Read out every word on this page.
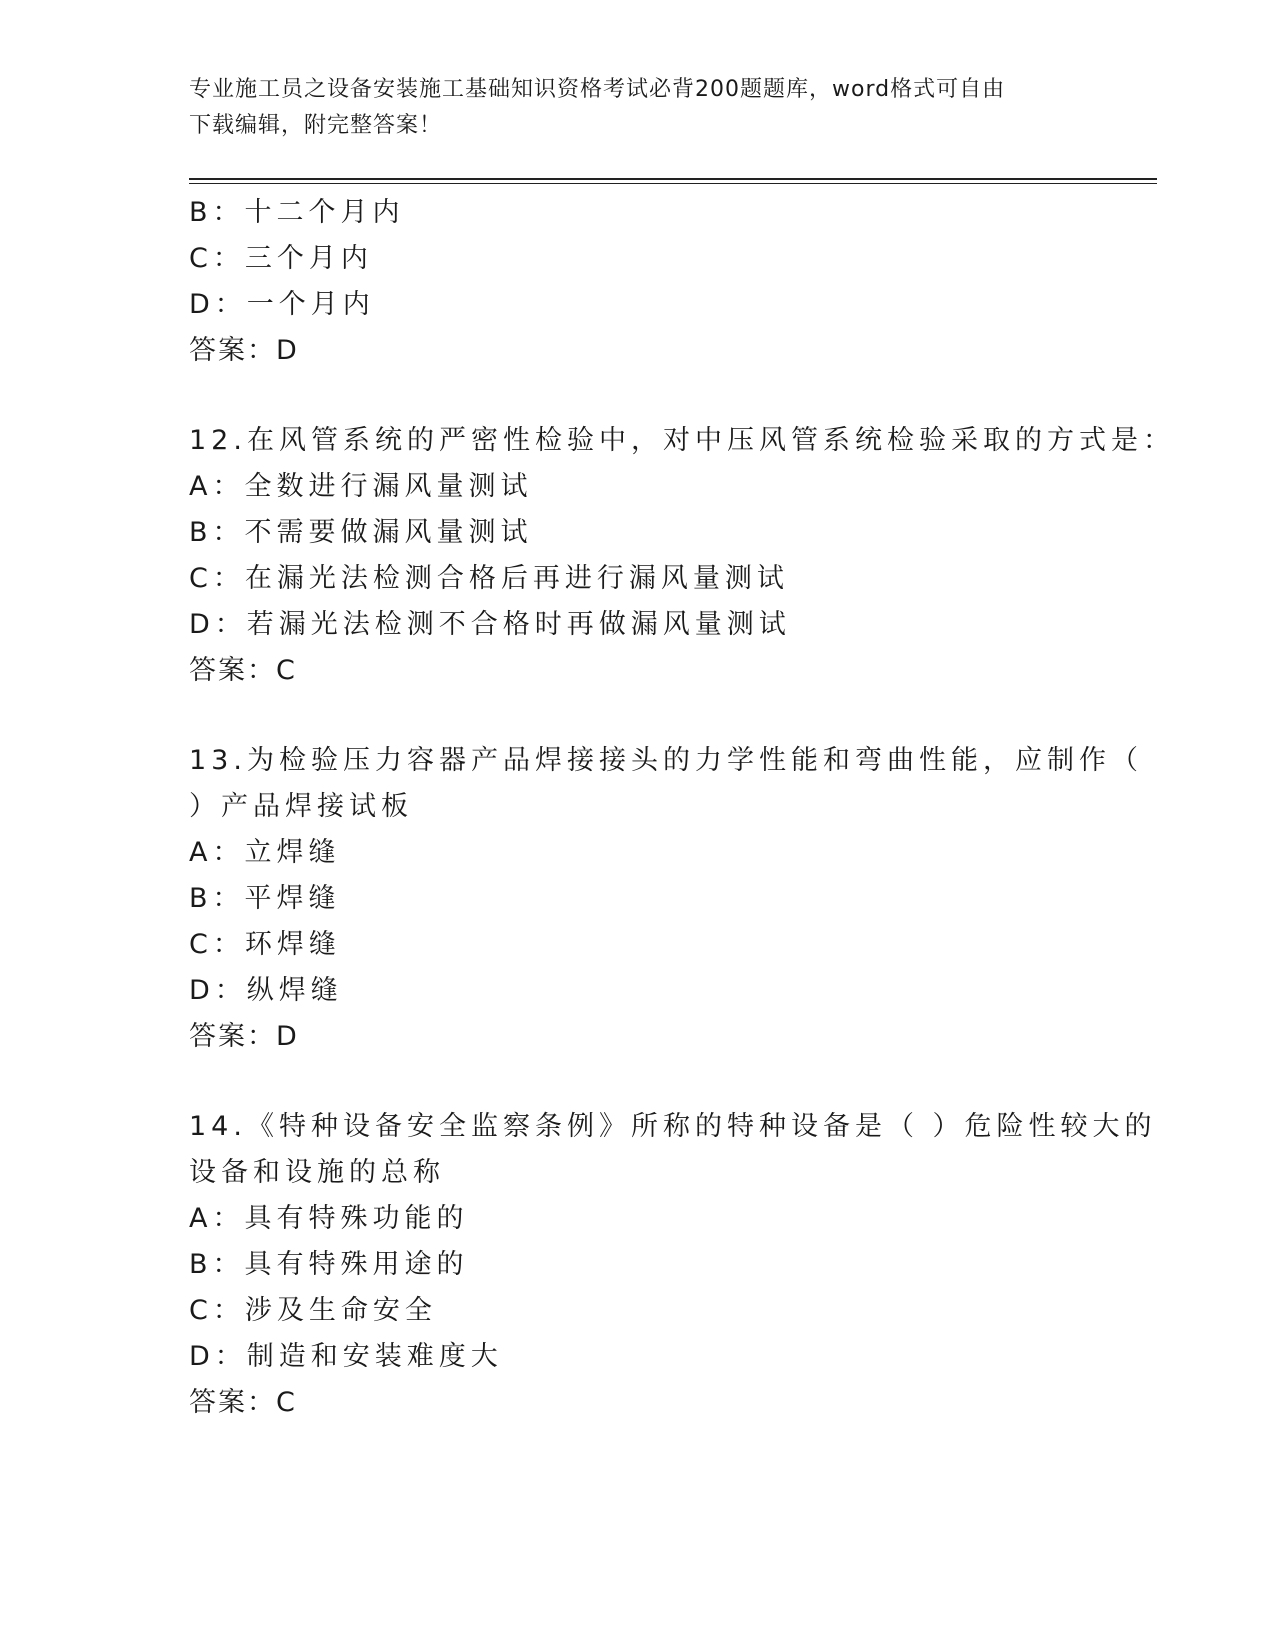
专业施工员之设备安装施工基础知识资格考试必背200题题库，word格式可自由
下载编辑，附完整答案！
B：十二个月内
C：三个月内
D：一个月内
答案：D
12.在风管系统的严密性检验中，对中压风管系统检验采取的方式是：
A：全数进行漏风量测试
B：不需要做漏风量测试
C：在漏光法检测合格后再进行漏风量测试
D：若漏光法检测不合格时再做漏风量测试
答案：C
13.为检验压力容器产品焊接接头的力学性能和弯曲性能，应制作（
）产品焊接试板
A：立焊缝
B：平焊缝
C：环焊缝
D：纵焊缝
答案：D
14.《特种设备安全监察条例》所称的特种设备是（ ）危险性较大的
设备和设施的总称
A：具有特殊功能的
B：具有特殊用途的
C：涉及生命安全
D：制造和安装难度大
答案：C
